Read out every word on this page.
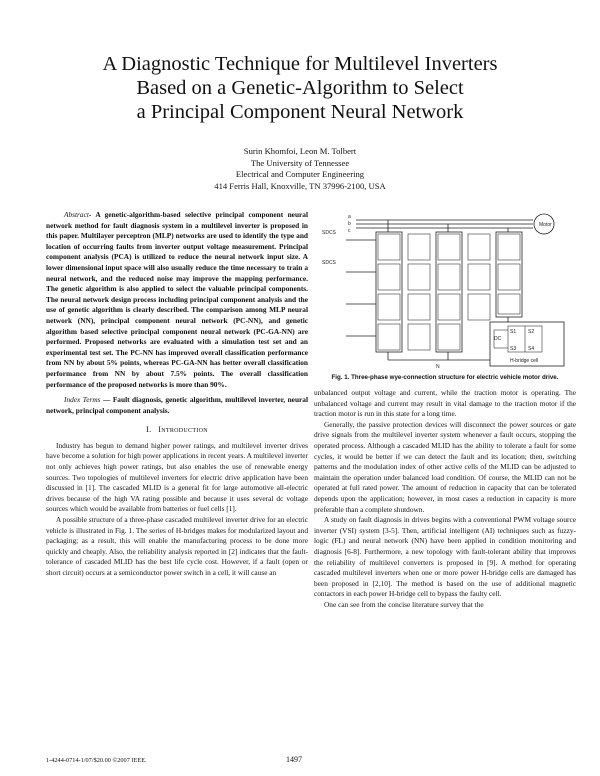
A Diagnostic Technique for Multilevel Inverters
Based on a Genetic-Algorithm to Select
a Principal Component Neural Network
Surin Khomfoi, Leon M. Tolbert
The University of Tennessee
Electrical and Computer Engineering
414 Ferris Hall, Knoxville, TN 37996-2100, USA

Abstract- A genetic-algorithm-based selective principal component neural network method for fault diagnosis system in a multilevel inverter is proposed in this paper. Multilayer perceptron (MLP) networks are used to identify the type and location of occurring faults from inverter output voltage measurement. Principal component analysis (PCA) is utilized to reduce the neural network input size. A lower dimensional input space will also usually reduce the time necessary to train a neural network, and the reduced noise may improve the mapping performance. The genetic algorithm is also applied to select the valuable principal components. The neural network design process including principal component analysis and the use of genetic algorithm is clearly described. The comparison among MLP neural network (NN), principal component neural network (PC-NN), and genetic algorithm based selective principal component neural network (PC-GA-NN) are performed. Proposed networks are evaluated with a simulation test set and an experimental test set. The PC-NN has improved overall classification performance from NN by about 5% points, whereas PC-GA-NN has better overall classification performance from NN by about 7.5% points. The overall classification performance of the proposed networks is more than 90%.

Index Terms — Fault diagnosis, genetic algorithm, multilevel inverter, neural network, principal component analysis.

I. Introduction

Industry has begun to demand higher power ratings, and multilevel inverter drives have become a solution for high power applications in recent years. A multilevel inverter not only achieves high power ratings, but also enables the use of renewable energy sources. Two topologies of multilevel inverters for electric drive application have been discussed in [1]. The cascaded MLID is a general fit for large automotive all-electric drives because of the high VA rating possible and because it uses several dc voltage sources which would be available from batteries or fuel cells [1].

A possible structure of a three-phase cascaded multilevel inverter drive for an electric vehicle is illustrated in Fig. 1. The series of H-bridges makes for modularized layout and packaging; as a result, this will enable the manufacturing process to be done more quickly and cheaply. Also, the reliability analysis reported in [2] indicates that the fault-tolerance of cascaded MLID has the best life cycle cost. However, if a fault (open or short circuit) occurs at a semiconductor power switch in a cell, it will cause an

Motor
SDCS
SDCS
a
b
c
N
DC
S1 S2
S3 S4
H-bridge cell
Fig. 1. Three-phase wye-connection structure for electric vehicle motor drive.

unbalanced output voltage and current, while the traction motor is operating. The unbalanced voltage and current may result in vital damage to the traction motor if the traction motor is run in this state for a long time.

Generally, the passive protection devices will disconnect the power sources or gate drive signals from the multilevel inverter system whenever a fault occurs, stopping the operated process. Although a cascaded MLID has the ability to tolerate a fault for some cycles, it would be better if we can detect the fault and its location; then, switching patterns and the modulation index of other active cells of the MLID can be adjusted to maintain the operation under balanced load condition. Of course, the MLID can not be operated at full rated power. The amount of reduction in capacity that can be tolerated depends upon the application; however, in most cases a reduction in capacity is more preferable than a complete shutdown.

A study on fault diagnosis in drives begins with a conventional PWM voltage source inverter (VSI) system [3-5]. Then, artificial intelligent (AI) techniques such as fuzzy-logic (FL) and neural network (NN) have been applied in condition monitoring and diagnosis [6-8]. Furthermore, a new topology with fault-tolerant ability that improves the reliability of multilevel converters is proposed in [9]. A method for operating cascaded multilevel inverters when one or more power H-bridge cells are damaged has been proposed in [2,10]. The method is based on the use of additional magnetic contactors in each power H-bridge cell to bypass the faulty cell.

One can see from the concise literature survey that the

1-4244-0714-1/07/$20.00 ©2007 IEEE.	1497
